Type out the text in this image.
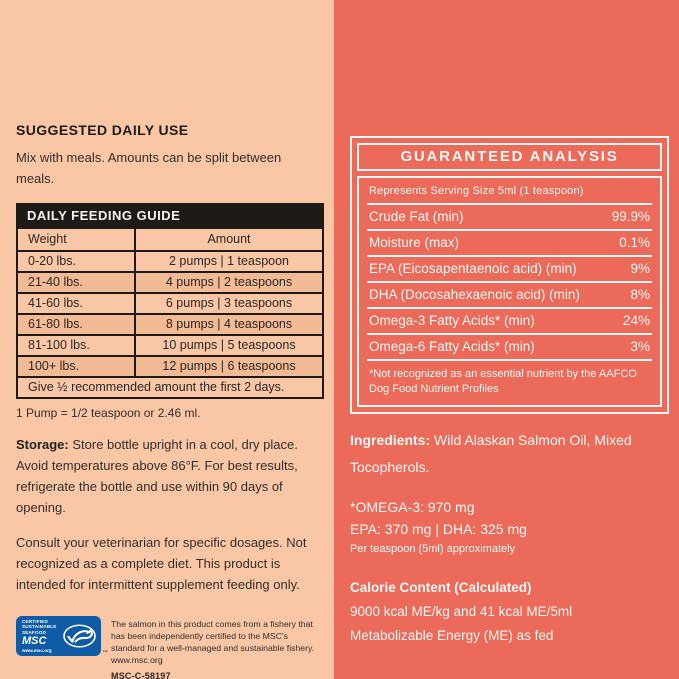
SUGGESTED DAILY USE

Mix with meals. Amounts can be split between meals.

DAILY FEEDING GUIDE
Weight	Amount
0-20 lbs.	2 pumps | 1 teaspoon
21-40 lbs.	4 pumps | 2 teaspoons
41-60 lbs.	6 pumps | 3 teaspoons
61-80 lbs.	8 pumps | 4 teaspoons
81-100 lbs.	10 pumps | 5 teaspoons
100+ lbs.	12 pumps | 6 teaspoons
Give ½ recommended amount the first 2 days.

1 Pump = 1/2 teaspoon or 2.46 ml.

Storage: Store bottle upright in a cool, dry place. Avoid temperatures above 86°F. For best results, refrigerate the bottle and use within 90 days of opening.

Consult your veterinarian for specific dosages. Not recognized as a complete diet. This product is intended for intermittent supplement feeding only.

CERTIFIED
SUSTAINABLE
SEAFOOD
MSC
www.msc.org	™
The salmon in this product comes from a fishery that has been independently certified to the MSC's standard for a well-managed and sustainable fishery.
www.msc.org
MSC-C-58197
GUARANTEED ANALYSIS
Represents Serving Size 5ml (1 teaspoon)
Crude Fat (min)	99.9%
Moisture (max)	0.1%
EPA (Eicosapentaenoic acid) (min)	9%
DHA (Docosahexaenoic acid) (min)	8%
Omega-3 Fatty Acids* (min)	24%
Omega-6 Fatty Acids* (min)	3%
*Not recognized as an essential nutrient by the AAFCO Dog Food Nutrient Profiles

Ingredients: Wild Alaskan Salmon Oil, Mixed Tocopherols.

*OMEGA-3: 970 mg
EPA: 370 mg | DHA: 325 mg
Per teaspoon (5ml) approximately
Calorie Content (Calculated)
9000 kcal ME/kg and 41 kcal ME/5ml
Metabolizable Energy (ME) as fed
